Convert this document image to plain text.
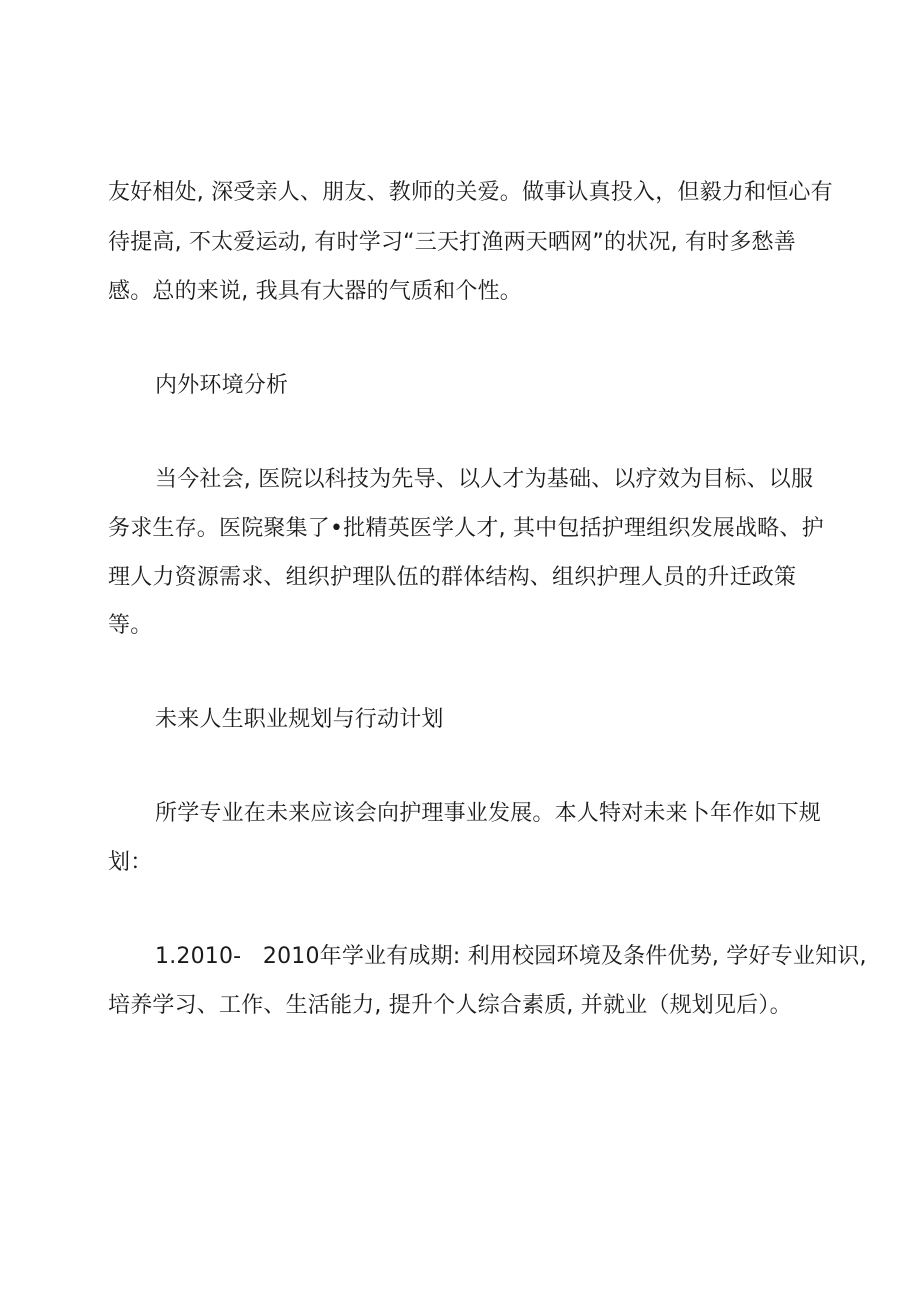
友好相处, 深受亲人、朋友、教师的关爱。做事认真投入，但毅力和恒心有
待提高, 不太爱运动, 有时学习“三天打渔两天晒网”的状况, 有时多愁善
感。总的来说, 我具有大器的气质和个性。
内外环境分析
当今社会, 医院以科技为先导、以人才为基础、以疗效为目标、以服
务求生存。医院聚集了•批精英医学人才, 其中包括护理组织发展战略、护
理人力资源需求、组织护理队伍的群体结构、组织护理人员的升迁政策
等。
未来人生职业规划与行动计划
所学专业在未来应该会向护理事业发展。本人特对未来卜年作如下规
划：
1.2010-   2010年学业有成期: 利用校园环境及条件优势, 学好专业知识,
培养学习、工作、生活能力, 提升个人综合素质, 并就业（规划见后）。
